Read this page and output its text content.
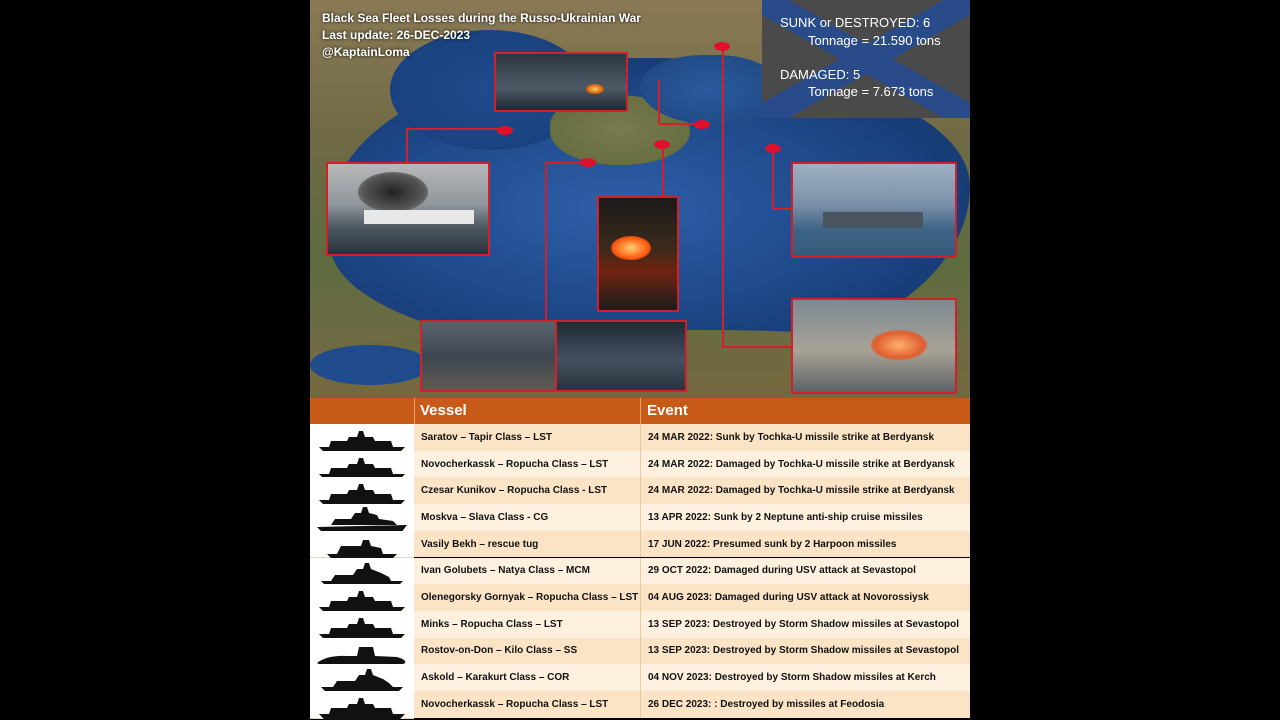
Black Sea Fleet Losses during the Russo-Ukrainian War
Last update: 26-DEC-2023
@KaptainLoma
SUNK or DESTROYED: 6
Tonnage = 21.590 tons
DAMAGED: 5
Tonnage = 7.673 tons
Vessel	Event
Saratov – Tapir Class – LST	24 MAR 2022: Sunk by Tochka-U missile strike at Berdyansk
Novocherkassk – Ropucha Class – LST	24 MAR 2022: Damaged by Tochka-U missile strike at Berdyansk
Czesar Kunikov – Ropucha Class - LST	24 MAR 2022: Damaged by Tochka-U missile strike at Berdyansk
Moskva – Slava Class - CG	13 APR 2022: Sunk by 2 Neptune anti-ship cruise missiles
Vasily Bekh – rescue tug	17 JUN 2022: Presumed sunk by 2 Harpoon missiles
Ivan Golubets – Natya Class – MCM	29 OCT 2022: Damaged during USV attack at Sevastopol
Olenegorsky Gornyak – Ropucha Class – LST 04 AUG 2023: Damaged during USV attack at Novorossiysk
Minks – Ropucha Class – LST	13 SEP 2023: Destroyed by Storm Shadow missiles at Sevastopol
Rostov-on-Don – Kilo Class – SS	13 SEP 2023: Destroyed by Storm Shadow missiles at Sevastopol
Askold – Karakurt Class – COR	04 NOV 2023: Destroyed by Storm Shadow missiles at Kerch
Novocherkassk – Ropucha Class – LST	26 DEC 2023: : Destroyed by missiles at Feodosia
